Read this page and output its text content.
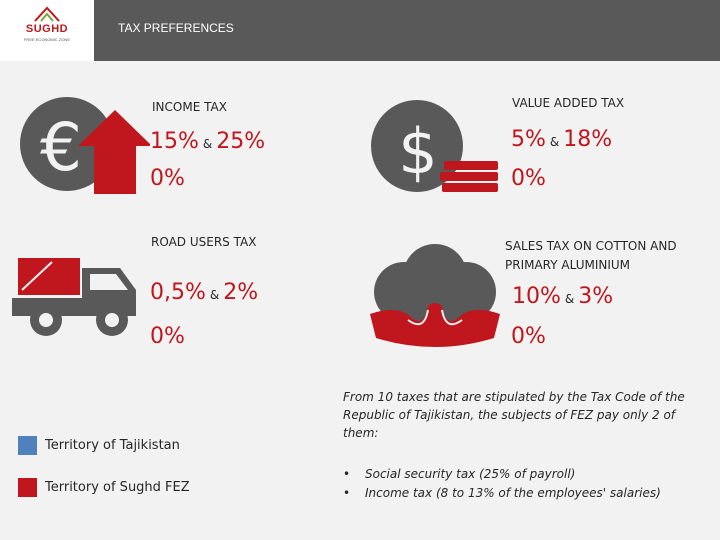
SUGHD
FREE ECONOMIC ZONE
TAX PREFERENCES
€
INCOME TAX
15% & 25%
0%	$
VALUE ADDED TAX
5% & 18%
0%
ROAD USERS TAX
0,5% & 2%
0%
SALES TAX ON COTTON AND
PRIMARY ALUMINIUM
10% & 3%
0%
Territory of Tajikistan
Territory of Sughd FEZ

From 10 taxes that are stipulated by the Tax Code of the Republic of Tajikistan, the subjects of FEZ pay only 2 of them:

• Social security tax (25% of payroll)
• Income tax (8 to 13% of the employees' salaries)
